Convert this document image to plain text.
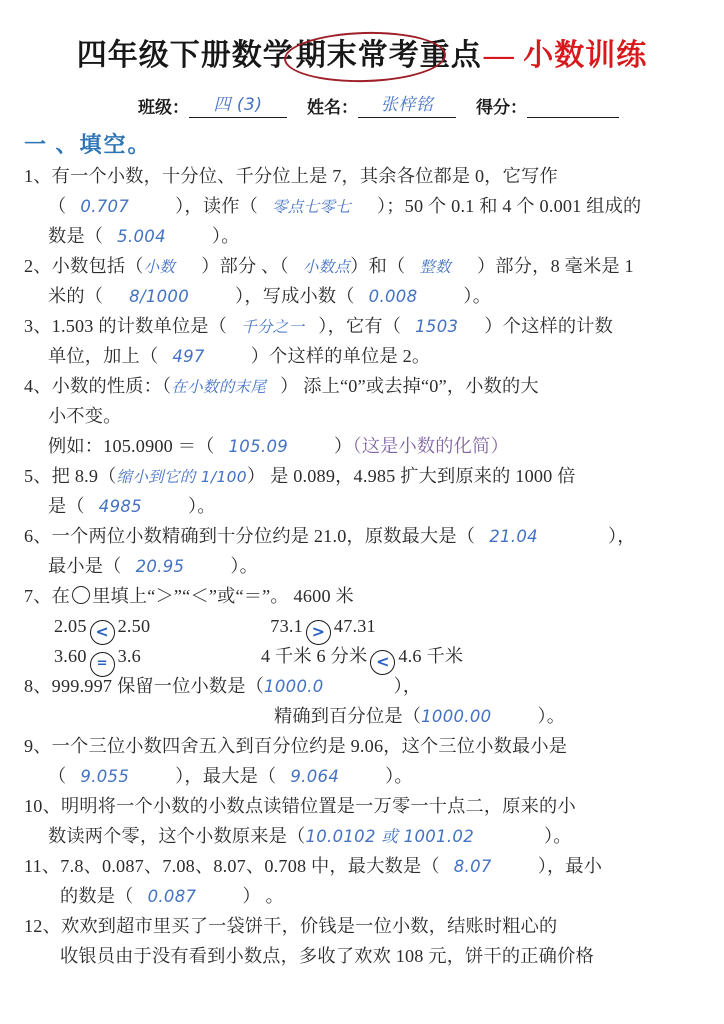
四年级下册数学
期末常考重点— 小数训练
班级：	四 (3)	姓名：	张梓铭	得分：
一 、填空。
1、有一个小数，十分位、千分位上是 7，其余各位都是 0，它写作
（ 0.707	），读作（ 零点七零七 ）；50 个 0.1 和 4 个 0.001 组成的
数是（ 5.004	）。
2、小数包括（小数 ）部分 、（ 小数点）和（ 整数 ）部分，8 毫米是 1
米的（ 8/1000	），写成小数（ 0.008	）。
3、1.503 的计数单位是（ 千分之一 ），它有（ 1503 ）个这样的计数
单位，加上（ 497	）个这样的单位是 2。
4、小数的性质：（在小数的末尾 ） 添上“0”或去掉“0”，小数的大
小不变。
例如：105.0900 ＝（ 105.09	）（这是小数的化简）
5、把 8.9（缩小到它的 1/100） 是 0.089，4.985 扩大到原来的 1000 倍
是（ 4985	）。
6、一个两位小数精确到十分位约是 21.0，原数最大是（ 21.04	），
最小是（ 20.95	）。
7、在 里填上“＞”“＜”或“＝”。 4600 米
2.05 < 2.50	73.1 > 47.31
3.60 = 3.6	4 千米 6 分米 < 4.6 千米
8、999.997 保留一位小数是（1000.0	），
精确到百分位是（1000.00	）。
9、一个三位小数四舍五入到百分位约是 9.06，这个三位小数最小是
（ 9.055	），最大是（ 9.064	）。
10、明明将一个小数的小数点读错位置是一万零一十点二，原来的小
数读两个零，这个小数原来是（10.0102 或 1001.02	）。
11、7.8、0.087、7.08、8.07、0.708 中，最大数是（ 8.07	），最小
的数是（ 0.087	） 。
12、欢欢到超市里买了一袋饼干，价钱是一位小数，结账时粗心的
收银员由于没有看到小数点，多收了欢欢 108 元，饼干的正确价格
